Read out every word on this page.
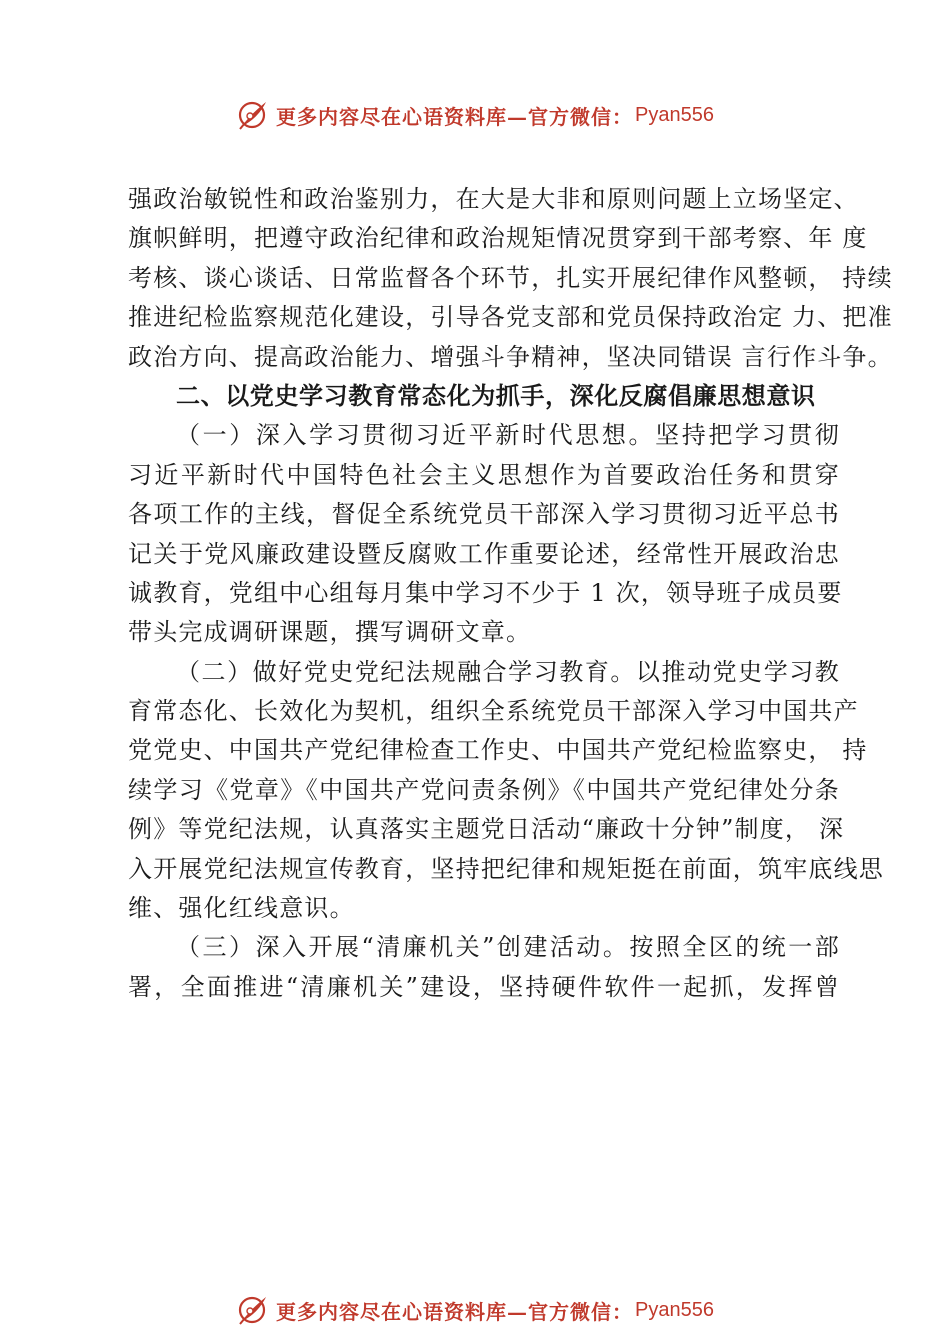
更多内容尽在心语资料库—官方微信： Pyan556

强政治敏锐性和政治鉴别力，在大是大非和原则问题上立场坚定、

旗帜鲜明，把遵守政治纪律和政治规矩情况贯穿到干部考察、年 度

考核、谈心谈话、日常监督各个环节，扎实开展纪律作风整顿， 持续

推进纪检监察规范化建设，引导各党支部和党员保持政治定 力、把准

政治方向、提高政治能力、增强斗争精神，坚决同错误 言行作斗争。

二、以党史学习教育常态化为抓手，深化反腐倡廉思想意识

（一）深入学习贯彻习近平新时代思想。坚持把学习贯彻

习近平新时代中国特色社会主义思想作为首要政治任务和贯穿

各项工作的主线，督促全系统党员干部深入学习贯彻习近平总书

记关于党风廉政建设暨反腐败工作重要论述，经常性开展政治忠

诚教育，党组中心组每月集中学习不少于 1 次，领导班子成员要

带头完成调研课题，撰写调研文章。

（二）做好党史党纪法规融合学习教育。以推动党史学习教

育常态化、长效化为契机，组织全系统党员干部深入学习中国共产

党党史、中国共产党纪律检查工作史、中国共产党纪检监察史， 持

续学习《党章》《中国共产党问责条例》《中国共产党纪律处分条

例》等党纪法规，认真落实主题党日活动“廉政十分钟”制度， 深

入开展党纪法规宣传教育，坚持把纪律和规矩挺在前面，筑牢底线思

维、强化红线意识。

（三）深入开展“清廉机关”创建活动。按照全区的统一部

署，全面推进“清廉机关”建设，坚持硬件软件一起抓，发挥曾

更多内容尽在心语资料库—官方微信： Pyan556
